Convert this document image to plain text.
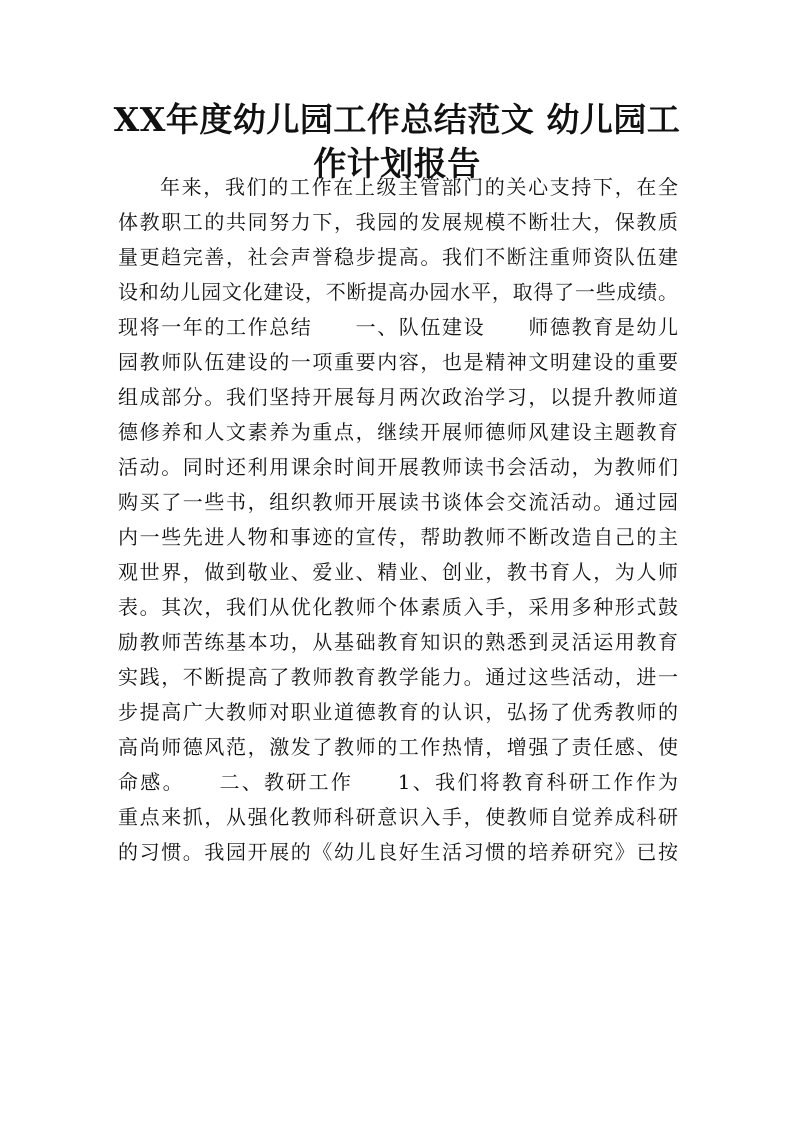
XX年度幼儿园工作总结范文 幼儿园工
作计划报告
年来，我们的工作在上级主管部门的关心支持下，在全
体教职工的共同努力下，我园的发展规模不断壮大，保教质
量更趋完善，社会声誉稳步提高。我们不断注重师资队伍建
设和幼儿园文化建设，不断提高办园水平，取得了一些成绩。
现将一年的工作总结　　一、队伍建设　　师德教育是幼儿
园教师队伍建设的一项重要内容，也是精神文明建设的重要
组成部分。我们坚持开展每月两次政治学习，以提升教师道
德修养和人文素养为重点，继续开展师德师风建设主题教育
活动。同时还利用课余时间开展教师读书会活动，为教师们
购买了一些书，组织教师开展读书谈体会交流活动。通过园
内一些先进人物和事迹的宣传，帮助教师不断改造自己的主
观世界，做到敬业、爱业、精业、创业，教书育人，为人师
表。其次，我们从优化教师个体素质入手，采用多种形式鼓
励教师苦练基本功，从基础教育知识的熟悉到灵活运用教育
实践，不断提高了教师教育教学能力。通过这些活动，进一
步提高广大教师对职业道德教育的认识，弘扬了优秀教师的
高尚师德风范，激发了教师的工作热情，增强了责任感、使
命感。　　二、教研工作　　1、我们将教育科研工作作为
重点来抓，从强化教师科研意识入手，使教师自觉养成科研
的习惯。我园开展的《幼儿良好生活习惯的培养研究》已按
